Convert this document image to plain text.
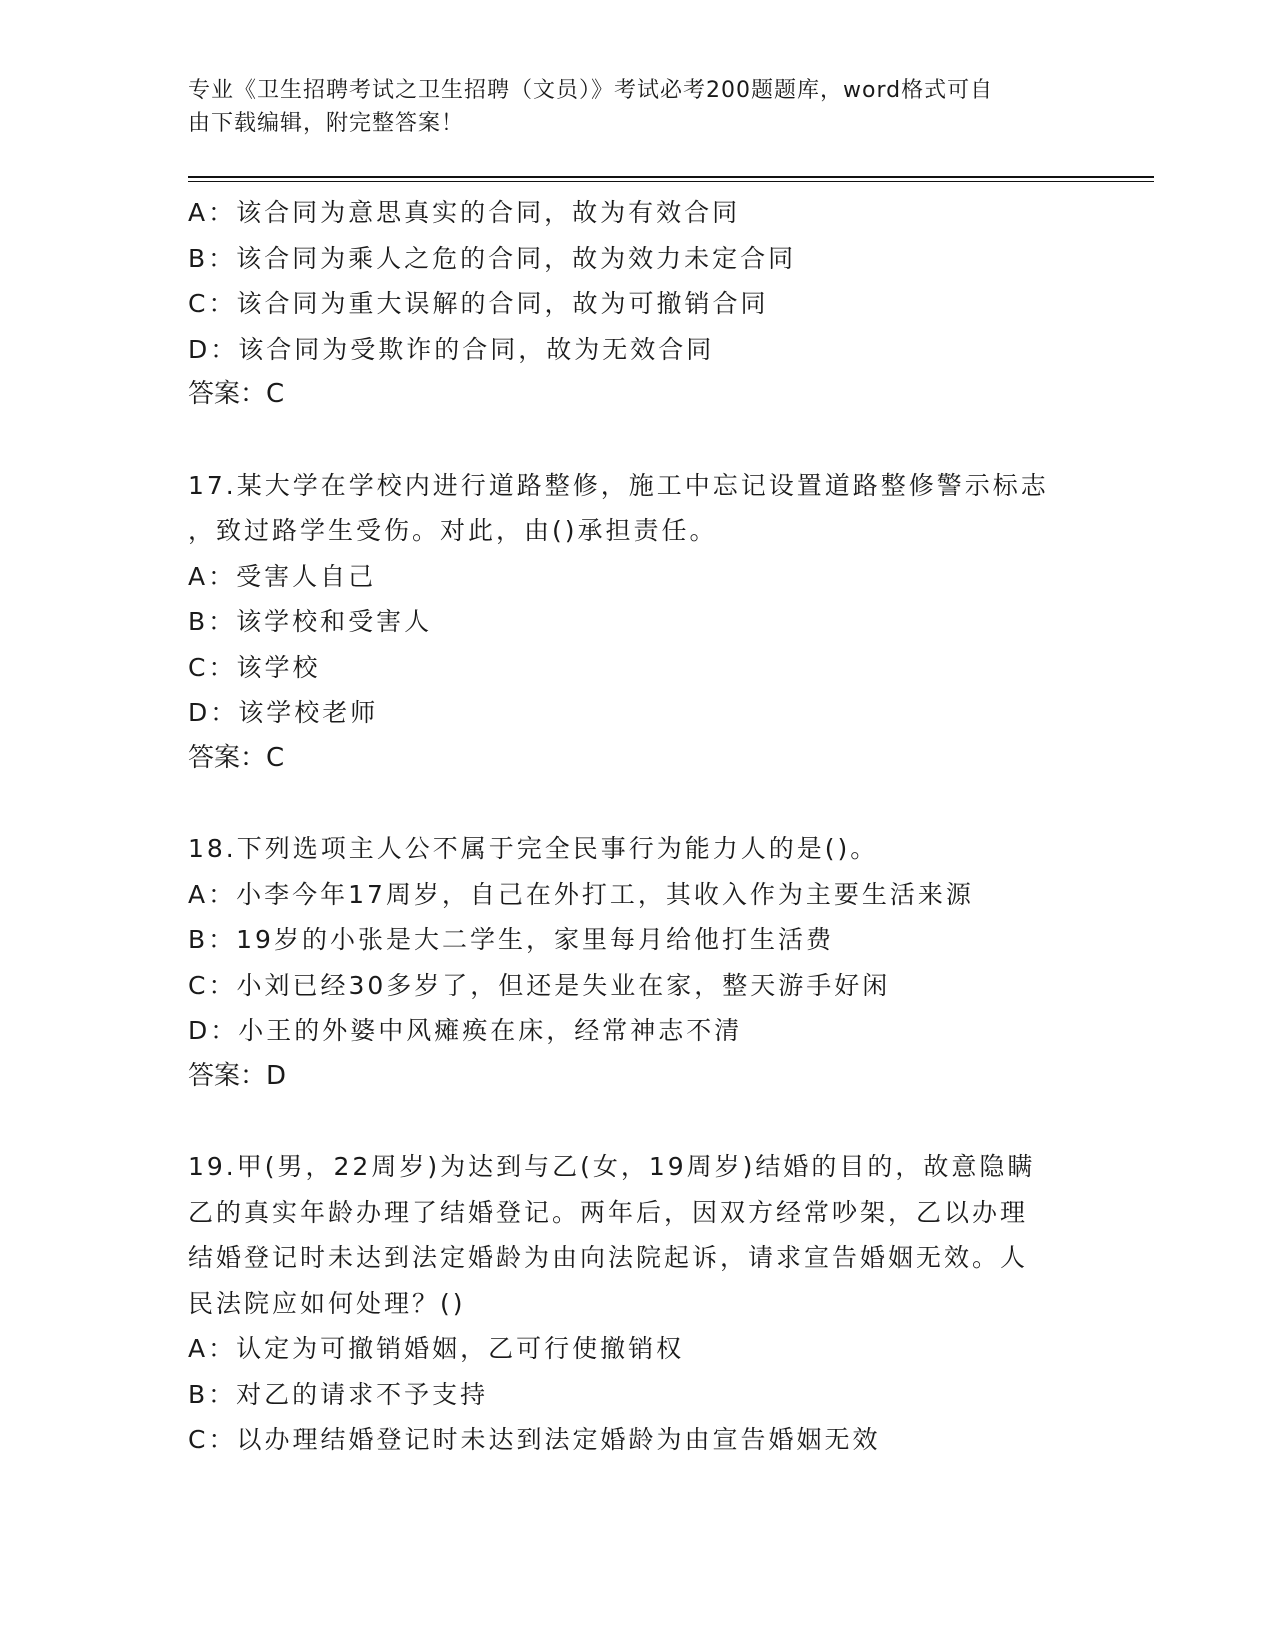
专业《卫生招聘考试之卫生招聘（文员）》考试必考200题题库，word格式可自
由下载编辑，附完整答案！
A：该合同为意思真实的合同，故为有效合同
B：该合同为乘人之危的合同，故为效力未定合同
C：该合同为重大误解的合同，故为可撤销合同
D：该合同为受欺诈的合同，故为无效合同
答案：C
17.某大学在学校内进行道路整修，施工中忘记设置道路整修警示标志
，致过路学生受伤。对此，由()承担责任。
A：受害人自己
B：该学校和受害人
C：该学校
D：该学校老师
答案：C
18.下列选项主人公不属于完全民事行为能力人的是()。
A：小李今年17周岁，自己在外打工，其收入作为主要生活来源
B：19岁的小张是大二学生，家里每月给他打生活费
C：小刘已经30多岁了，但还是失业在家，整天游手好闲
D：小王的外婆中风瘫痪在床，经常神志不清
答案：D
19.甲(男，22周岁)为达到与乙(女，19周岁)结婚的目的，故意隐瞒
乙的真实年龄办理了结婚登记。两年后，因双方经常吵架，乙以办理
结婚登记时未达到法定婚龄为由向法院起诉，请求宣告婚姻无效。人
民法院应如何处理？()
A：认定为可撤销婚姻，乙可行使撤销权
B：对乙的请求不予支持
C：以办理结婚登记时未达到法定婚龄为由宣告婚姻无效
